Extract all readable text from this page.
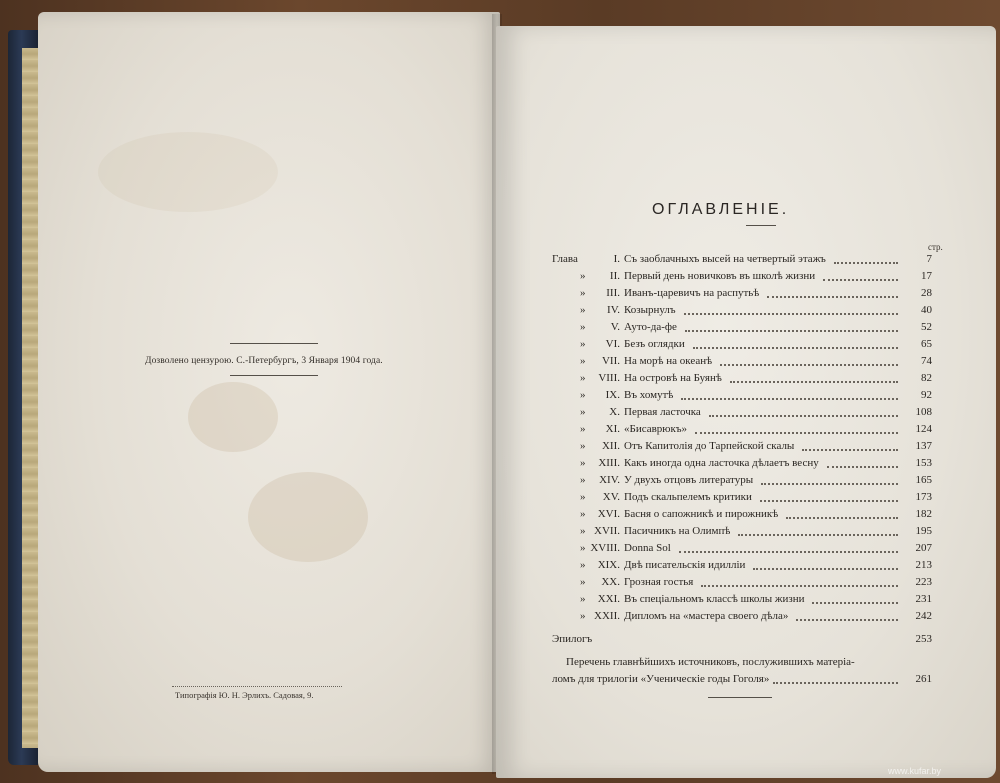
Дозволено цензурою. С.-Петербургъ, 3 Января 1904 года.
Типографія Ю. Н. Эрлихъ. Садовая, 9.
ОГЛАВЛЕНІЕ.
стр.
Глава	I. Съ заоблачныхъ высей на четвертый этажъ	7
» II. Первый день новичковъ въ школѣ жизни	17
» III. Иванъ-царевичъ на распутьѣ	28
» IV. Козырнулъ	40
» V. Ауто-да-фе	52
» VI. Безъ оглядки	65
» VII. На морѣ на океанѣ	74
» VIII. На островѣ на Буянѣ	82
» IX. Въ хомутѣ	92
» X. Первая ласточка	108
» XI. «Бисаврюкъ»	124
» XII. Отъ Капитолія до Тарпейской скалы	137
» XIII. Какъ иногда одна ласточка дѣлаетъ весну	153
» XIV. У двухъ отцовъ литературы	165
» XV. Подъ скальпелемъ критики	173
» XVI. Басня о сапожникѣ и пирожникѣ	182
» XVII. Пасичникъ на Олимпѣ	195
» XVIII. Donna Sol	207
» XIX. Двѣ писательскія идилліи	213
» XX. Грозная гостья	223
» XXI. Въ спеціальномъ классѣ школы жизни	231
» XXII. Дипломъ на «мастера своего дѣла»	242
Эпилогъ	253
Перечень главнѣйшихъ источниковъ, послужившихъ матеріа-
ломъ для трилогіи «Ученическіе годы Гоголя»	261
www.kufar.by
